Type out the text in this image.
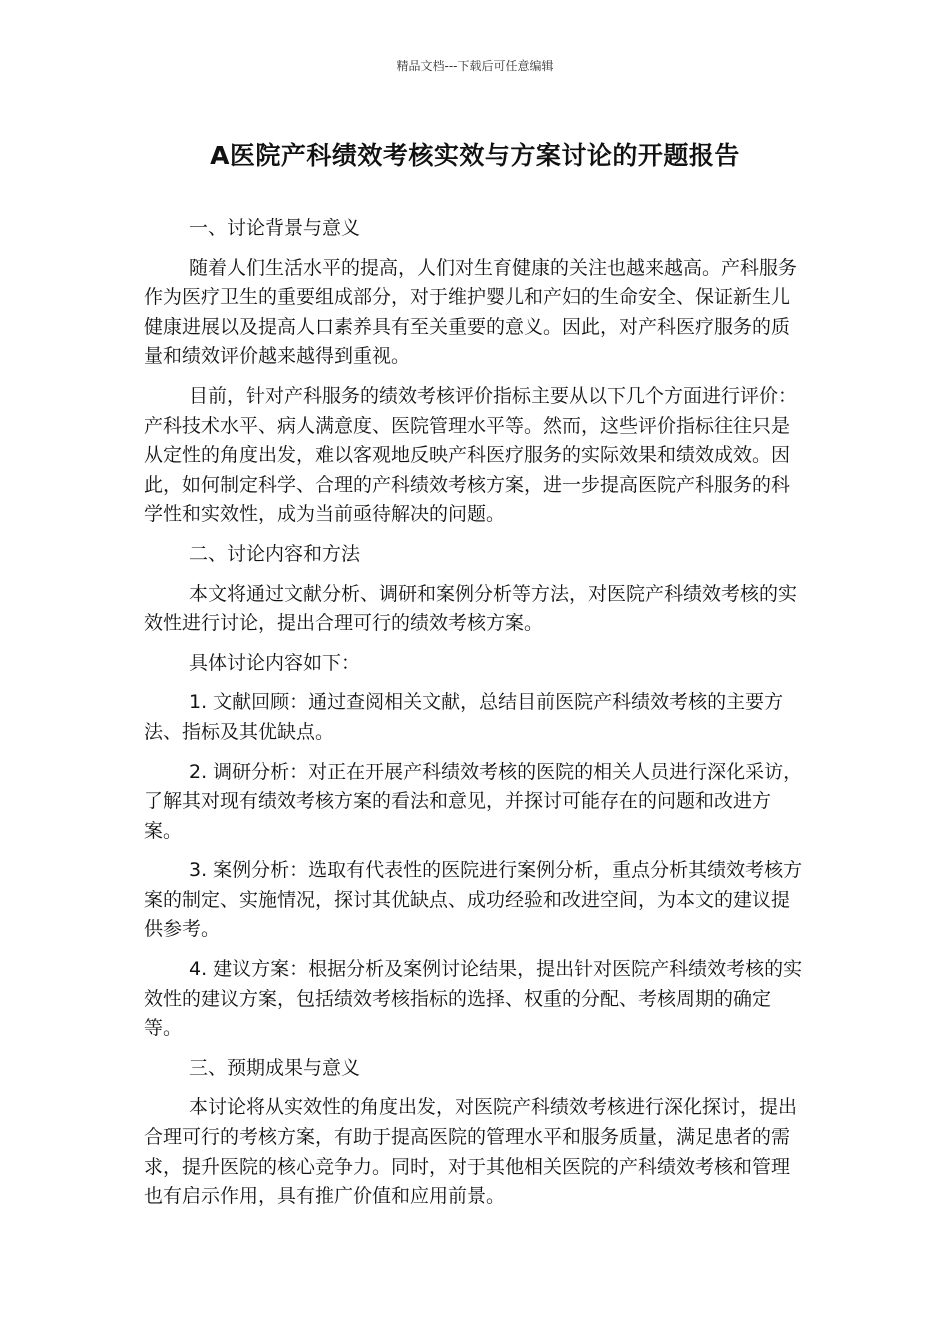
精品文档---下载后可任意编辑
A医院产科绩效考核实效与方案讨论的开题报告

一、讨论背景与意义

随着人们生活水平的提高，人们对生育健康的关注也越来越高。产科服务作为医疗卫生的重要组成部分，对于维护婴儿和产妇的生命安全、保证新生儿健康进展以及提高人口素养具有至关重要的意义。因此，对产科医疗服务的质量和绩效评价越来越得到重视。

目前，针对产科服务的绩效考核评价指标主要从以下几个方面进行评价：产科技术水平、病人满意度、医院管理水平等。然而，这些评价指标往往只是从定性的角度出发，难以客观地反映产科医疗服务的实际效果和绩效成效。因此，如何制定科学、合理的产科绩效考核方案，进一步提高医院产科服务的科学性和实效性，成为当前亟待解决的问题。

二、讨论内容和方法

本文将通过文献分析、调研和案例分析等方法，对医院产科绩效考核的实效性进行讨论，提出合理可行的绩效考核方案。

具体讨论内容如下：

1. 文献回顾：通过查阅相关文献，总结目前医院产科绩效考核的主要方法、指标及其优缺点。

2. 调研分析：对正在开展产科绩效考核的医院的相关人员进行深化采访，了解其对现有绩效考核方案的看法和意见，并探讨可能存在的问题和改进方案。

3. 案例分析：选取有代表性的医院进行案例分析，重点分析其绩效考核方案的制定、实施情况，探讨其优缺点、成功经验和改进空间，为本文的建议提供参考。

4. 建议方案：根据分析及案例讨论结果，提出针对医院产科绩效考核的实效性的建议方案，包括绩效考核指标的选择、权重的分配、考核周期的确定等。

三、预期成果与意义

本讨论将从实效性的角度出发，对医院产科绩效考核进行深化探讨，提出合理可行的考核方案，有助于提高医院的管理水平和服务质量，满足患者的需求，提升医院的核心竞争力。同时，对于其他相关医院的产科绩效考核和管理也有启示作用，具有推广价值和应用前景。
